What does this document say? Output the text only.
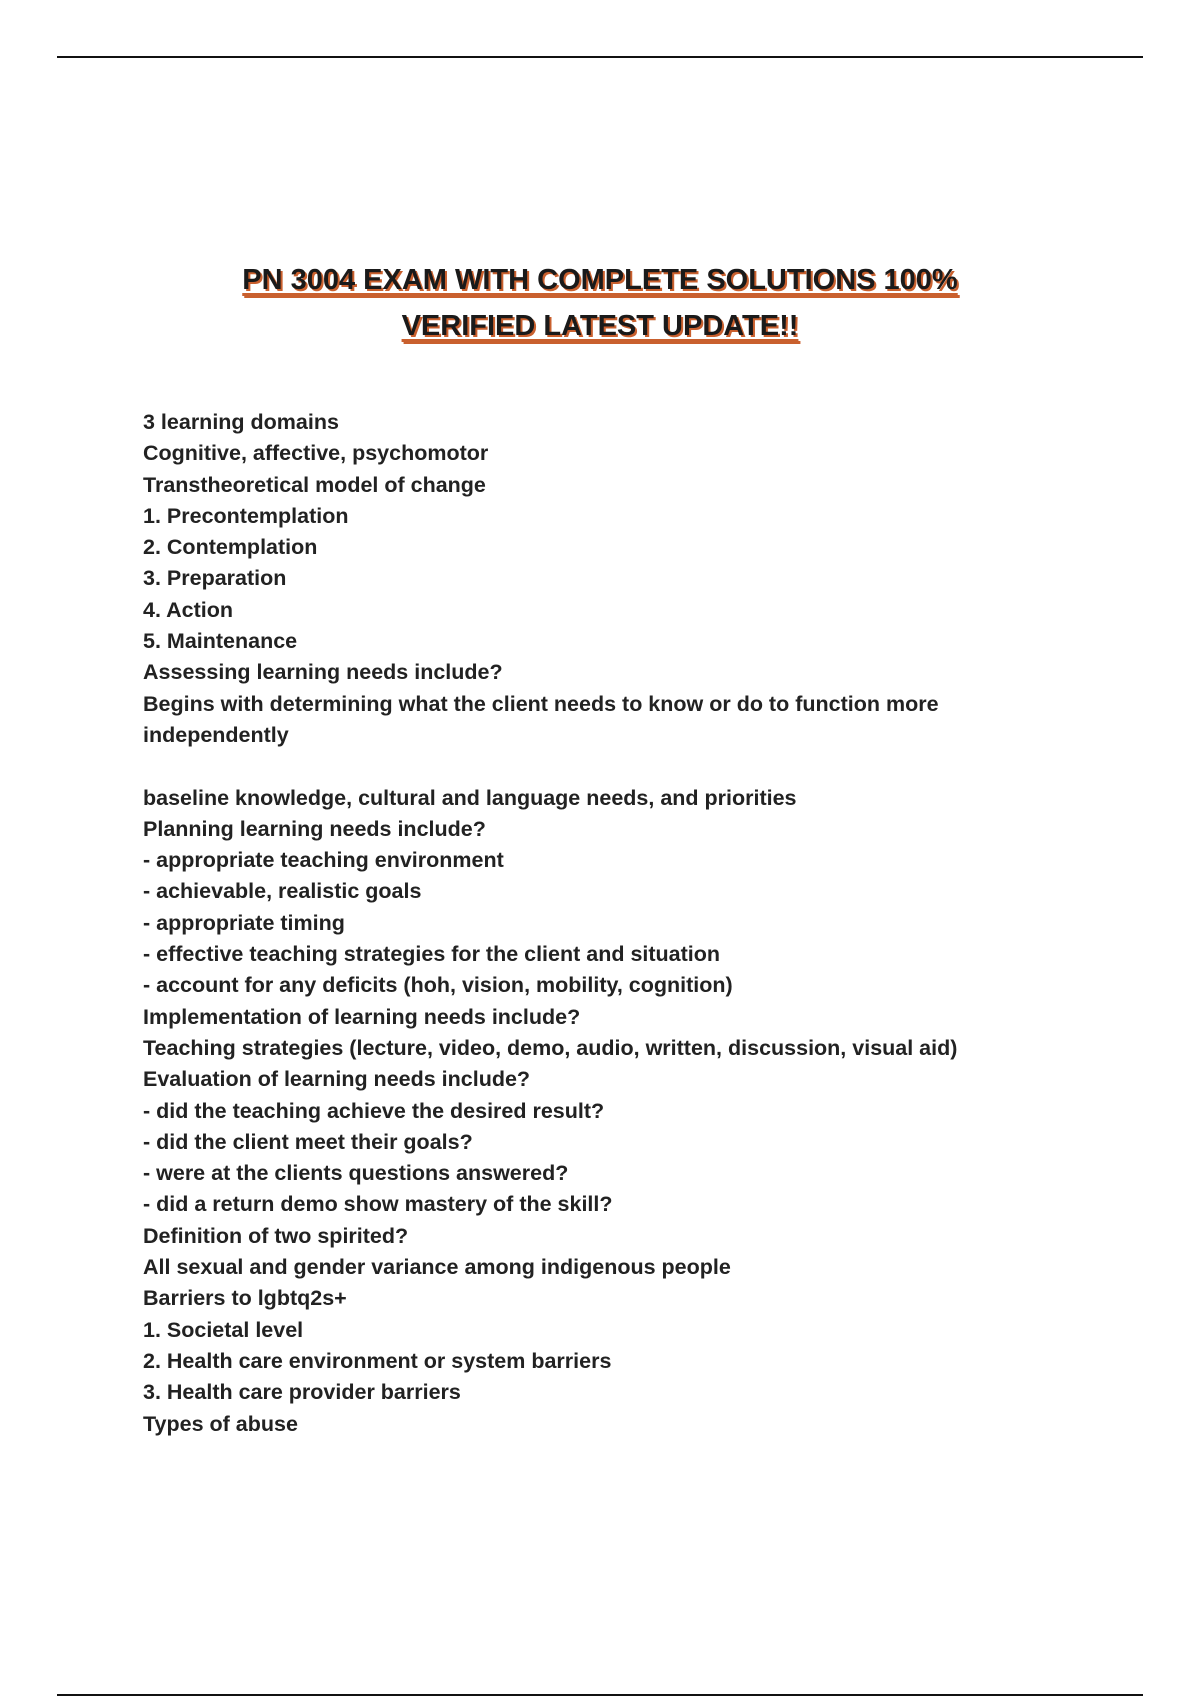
PN 3004 EXAM WITH COMPLETE SOLUTIONS 100%
VERIFIED LATEST UPDATE!!
3 learning domains
Cognitive, affective, psychomotor
Transtheoretical model of change
1. Precontemplation
2. Contemplation
3. Preparation
4. Action
5. Maintenance
Assessing learning needs include?
Begins with determining what the client needs to know or do to function more independently
baseline knowledge, cultural and language needs, and priorities
Planning learning needs include?
- appropriate teaching environment
- achievable, realistic goals
- appropriate timing
- effective teaching strategies for the client and situation
- account for any deficits (hoh, vision, mobility, cognition)
Implementation of learning needs include?
Teaching strategies (lecture, video, demo, audio, written, discussion, visual aid)
Evaluation of learning needs include?
- did the teaching achieve the desired result?
- did the client meet their goals?
- were at the clients questions answered?
- did a return demo show mastery of the skill?
Definition of two spirited?
All sexual and gender variance among indigenous people
Barriers to lgbtq2s+
1. Societal level
2. Health care environment or system barriers
3. Health care provider barriers
Types of abuse
